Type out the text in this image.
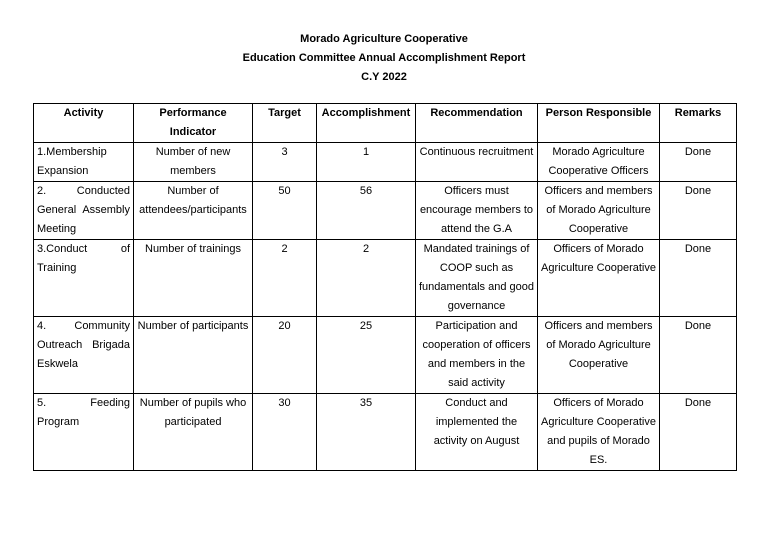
Morado Agriculture Cooperative
Education Committee Annual Accomplishment Report
C.Y 2022
Activity	Performance Indicator	Target	Accomplishment	Recommendation	Person Responsible	Remarks

1.Membership
Expansion	Number of new members	3	1	Continuous recruitment	Morado Agriculture Cooperative Officers	Done

2. Conducted
General Assembly
Meeting	Number of attendees/participants	50	56	Officers must encourage members to attend the G.A	Officers and members of Morado Agriculture Cooperative	Done

3.Conduct of
Training	Number of trainings	2	2	Mandated trainings of COOP such as fundamentals and good governance	Officers of Morado Agriculture Cooperative	Done

4. Community
Outreach Brigada
Eskwela	Number of participants	20	25	Participation and cooperation of officers and members in the said activity	Officers and members of Morado Agriculture Cooperative	Done

5. Feeding
Program	Number of pupils who participated	30	35	Conduct and implemented the activity on August	Officers of Morado Agriculture Cooperative and pupils of Morado ES.	Done
